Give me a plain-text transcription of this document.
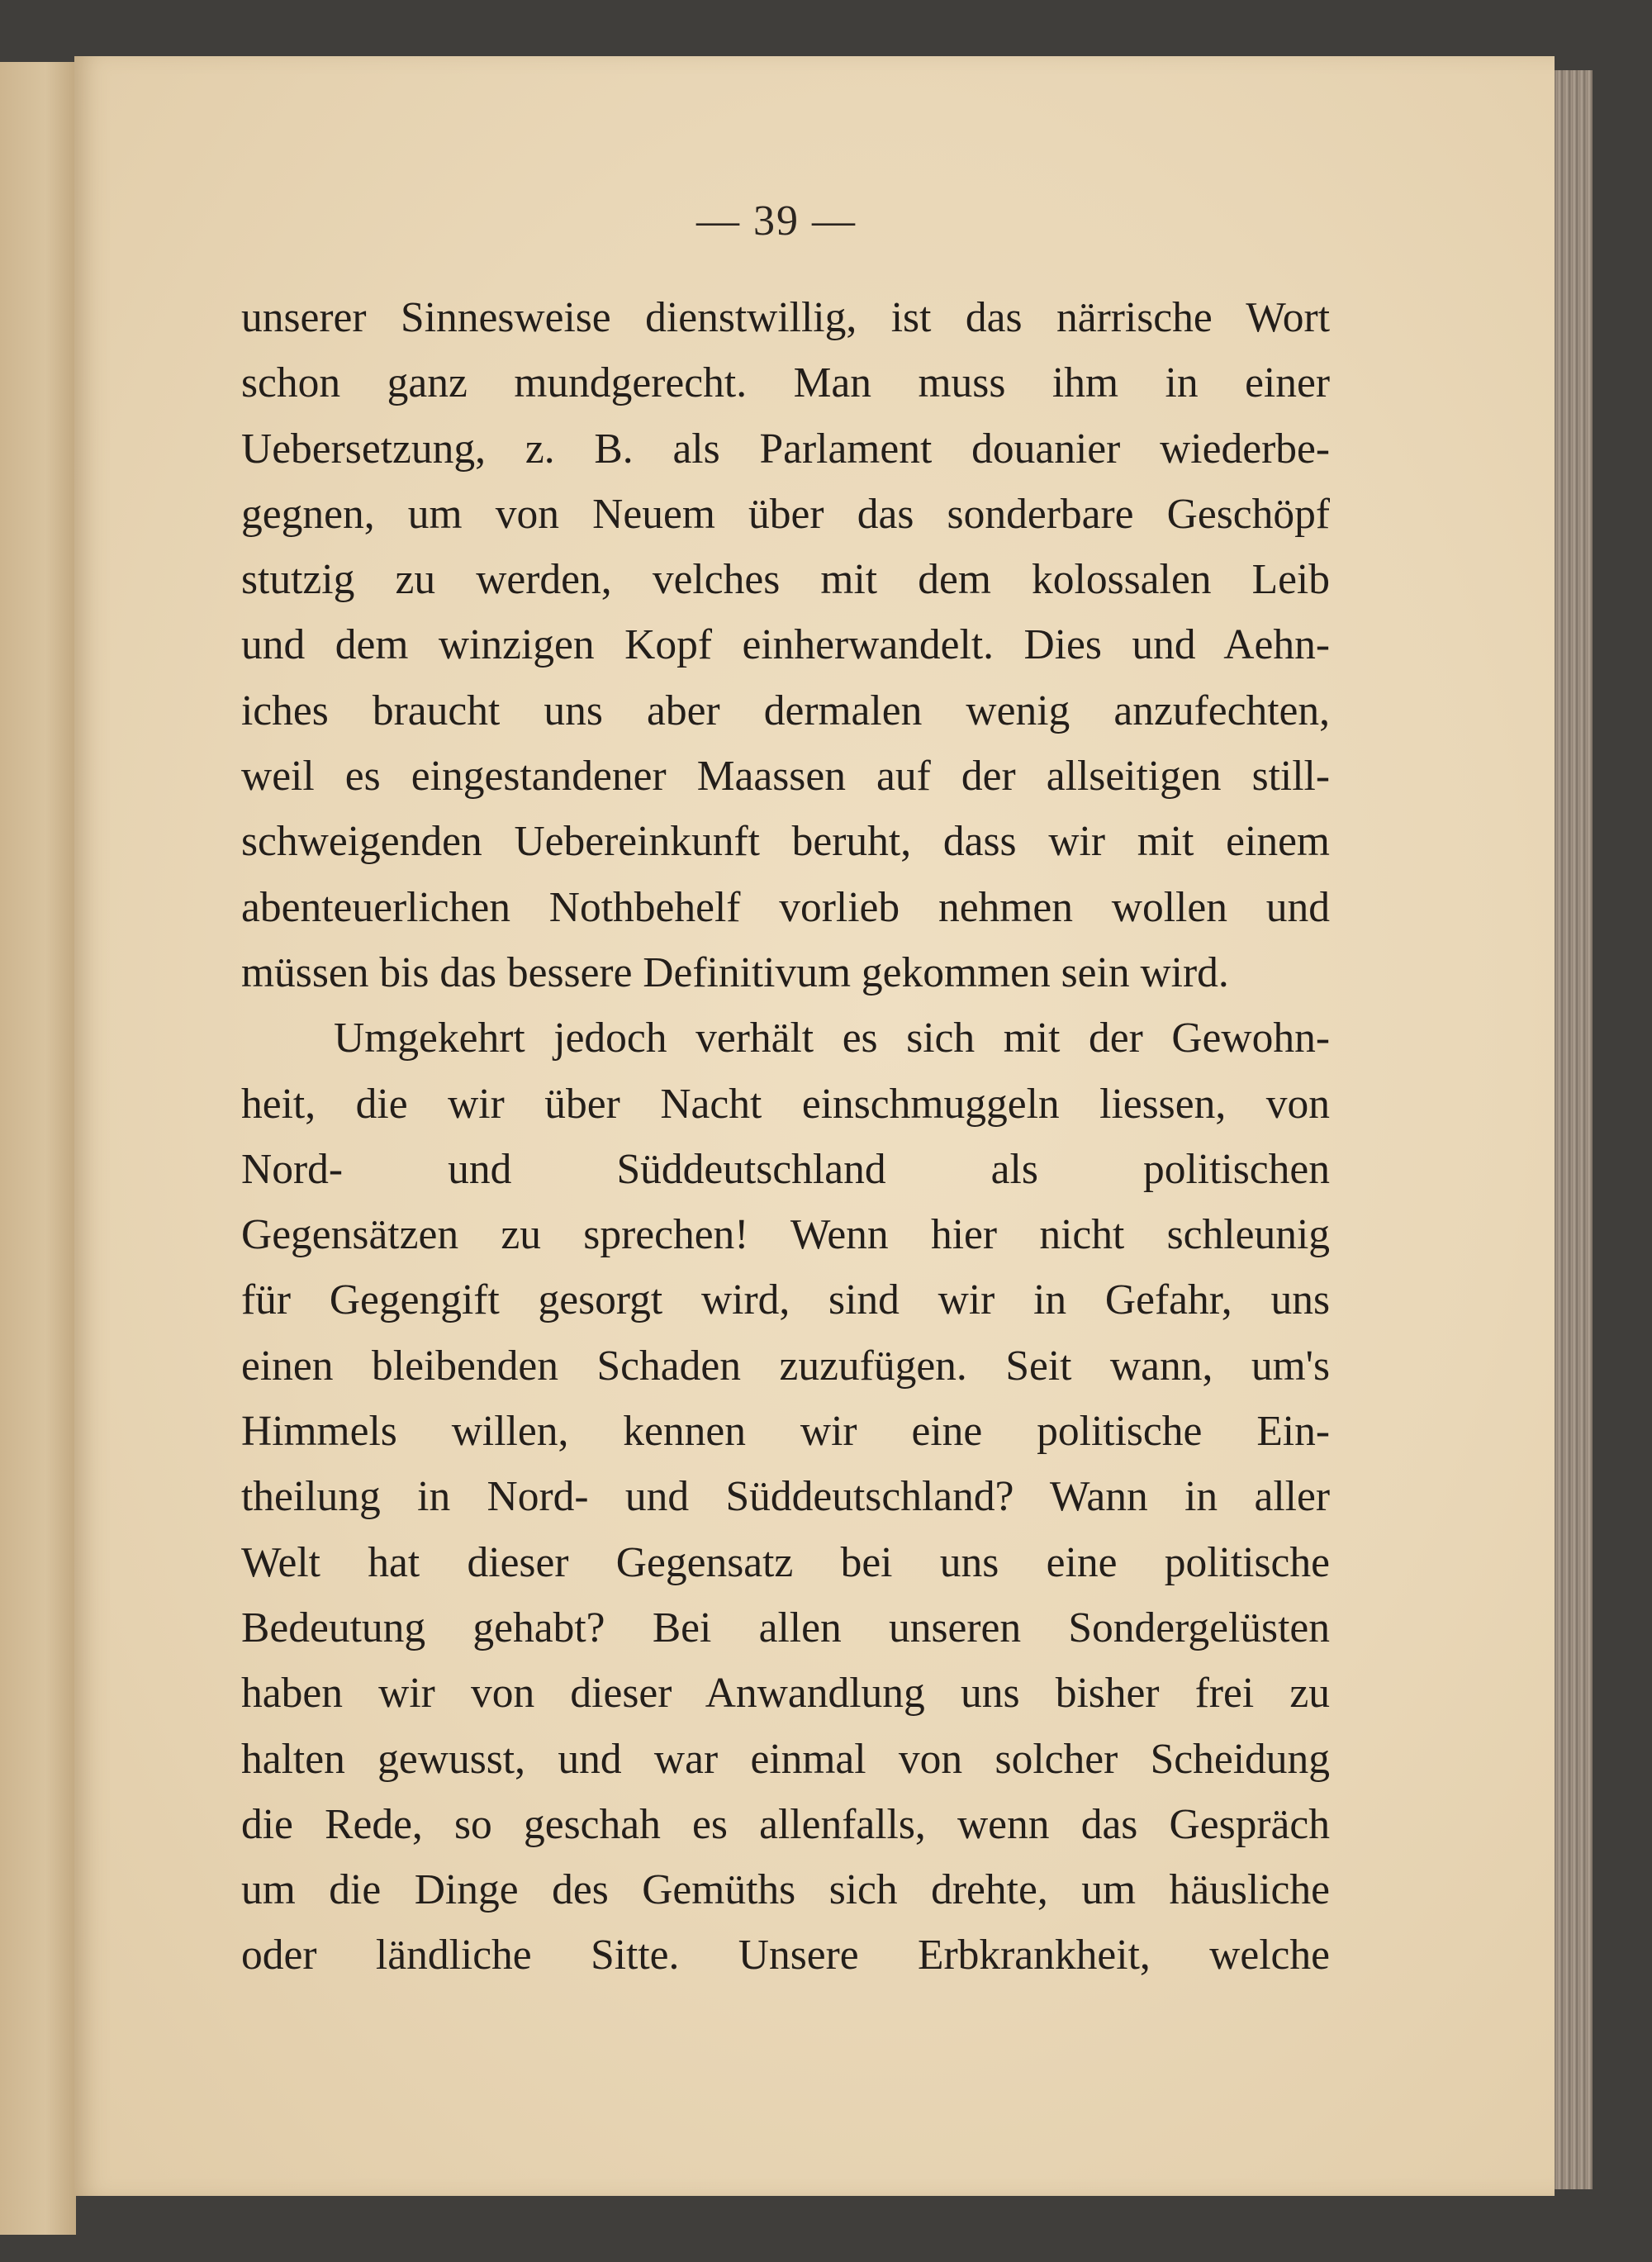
— 39 —
unserer Sinnesweise dienstwillig, ist das närrische Wort
schon ganz mundgerecht. Man muss ihm in einer
Uebersetzung, z. B. als Parlament douanier wiederbe-
gegnen, um von Neuem über das sonderbare Geschöpf
stutzig zu werden, velches mit dem kolossalen Leib
und dem winzigen Kopf einherwandelt. Dies und Aehn-
iches braucht uns aber dermalen wenig anzufechten,
weil es eingestandener Maassen auf der allseitigen still-
schweigenden Uebereinkunft beruht, dass wir mit einem
abenteuerlichen Nothbehelf vorlieb nehmen wollen und
müssen bis das bessere Definitivum gekommen sein wird.
Umgekehrt jedoch verhält es sich mit der Gewohn-
heit, die wir über Nacht einschmuggeln liessen, von
Nord- und Süddeutschland als politischen
Gegensätzen zu sprechen! Wenn hier nicht schleunig
für Gegengift gesorgt wird, sind wir in Gefahr, uns
einen bleibenden Schaden zuzufügen. Seit wann, um's
Himmels willen, kennen wir eine politische Ein-
theilung in Nord- und Süddeutschland? Wann in aller
Welt hat dieser Gegensatz bei uns eine politische
Bedeutung gehabt? Bei allen unseren Sondergelüsten
haben wir von dieser Anwandlung uns bisher frei zu
halten gewusst, und war einmal von solcher Scheidung
die Rede, so geschah es allenfalls, wenn das Gespräch
um die Dinge des Gemüths sich drehte, um häusliche
oder ländliche Sitte. Unsere Erbkrankheit, welche
